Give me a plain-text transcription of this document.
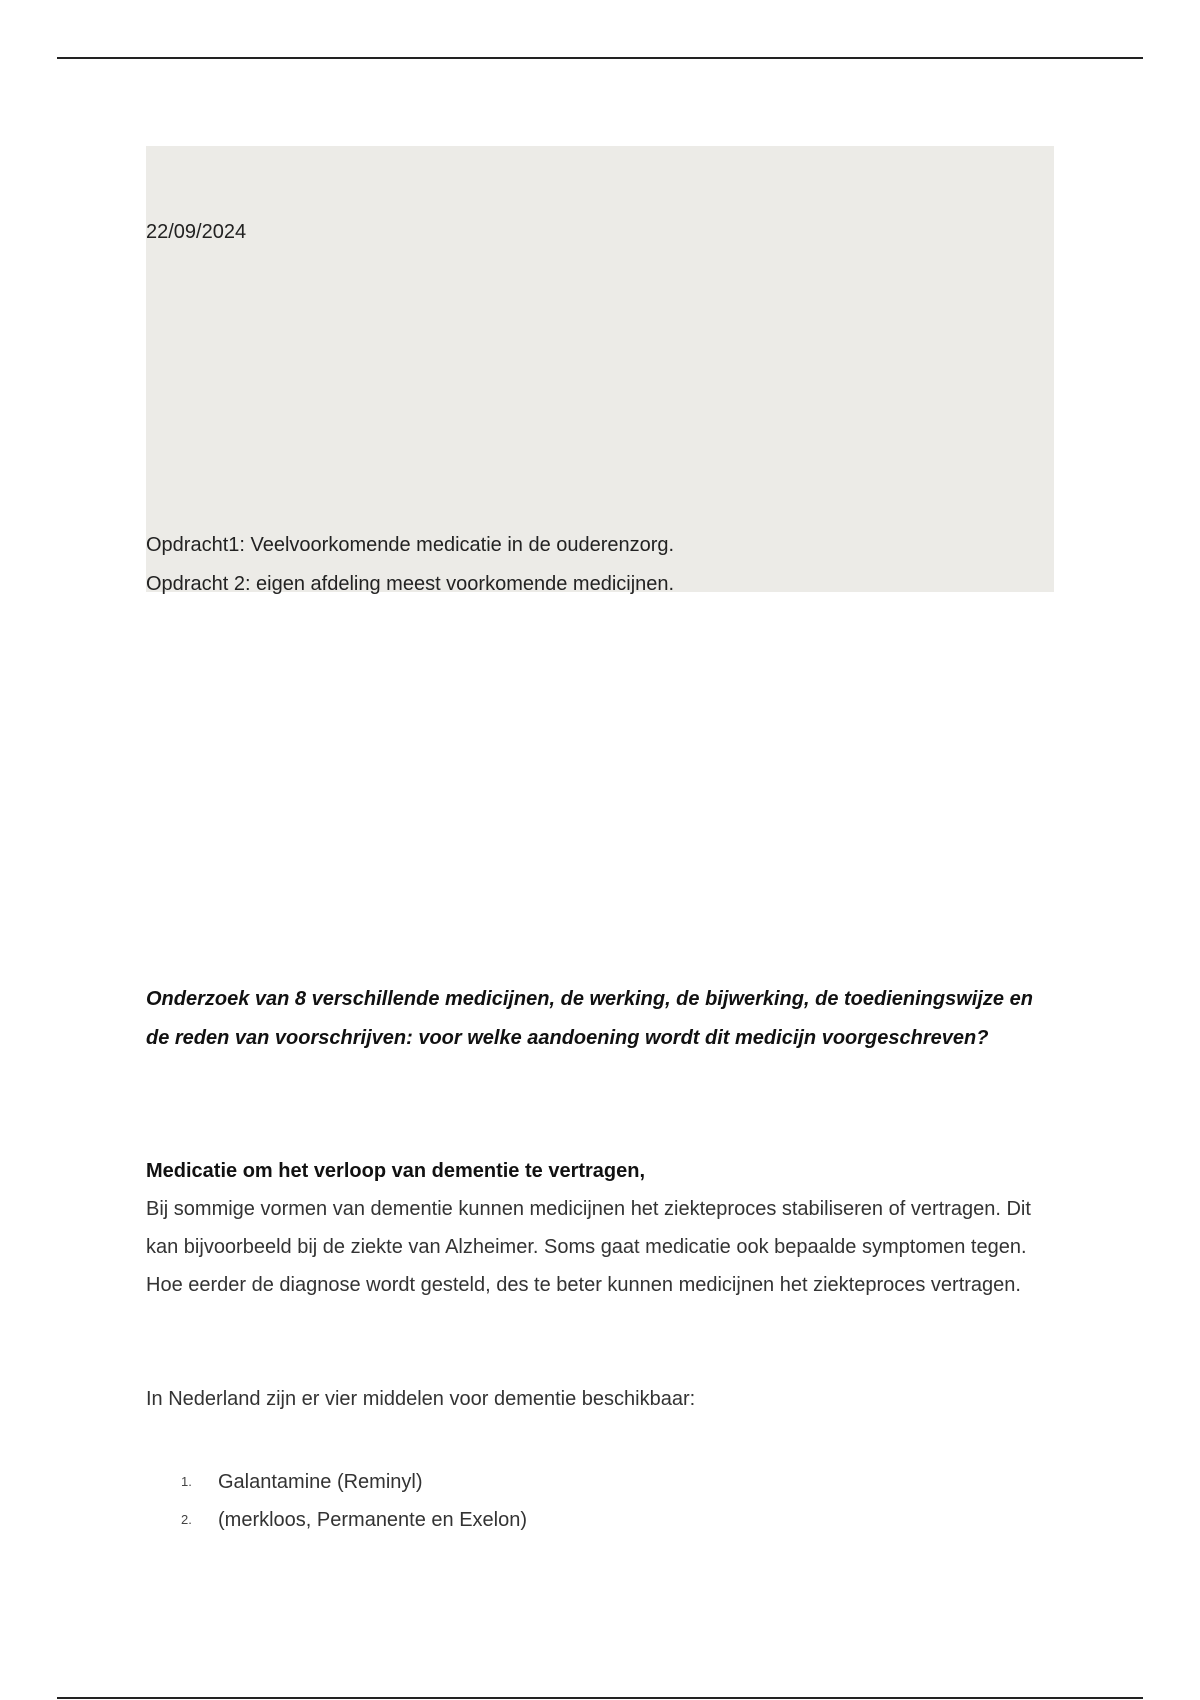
22/09/2024
Opdracht1: Veelvoorkomende medicatie in de ouderenzorg.
Opdracht 2: eigen afdeling meest voorkomende medicijnen.
Onderzoek van 8 verschillende medicijnen, de werking, de bijwerking, de toedieningswijze en de reden van voorschrijven: voor welke aandoening wordt dit medicijn voorgeschreven?
Medicatie om het verloop van dementie te vertragen,
Bij sommige vormen van dementie kunnen medicijnen het ziekteproces stabiliseren of vertragen. Dit kan bijvoorbeeld bij de ziekte van Alzheimer. Soms gaat medicatie ook bepaalde symptomen tegen. Hoe eerder de diagnose wordt gesteld, des te beter kunnen medicijnen het ziekteproces vertragen.
In Nederland zijn er vier middelen voor dementie beschikbaar:
1. Galantamine (Reminyl)
2. (merkloos, Permanente en Exelon)
